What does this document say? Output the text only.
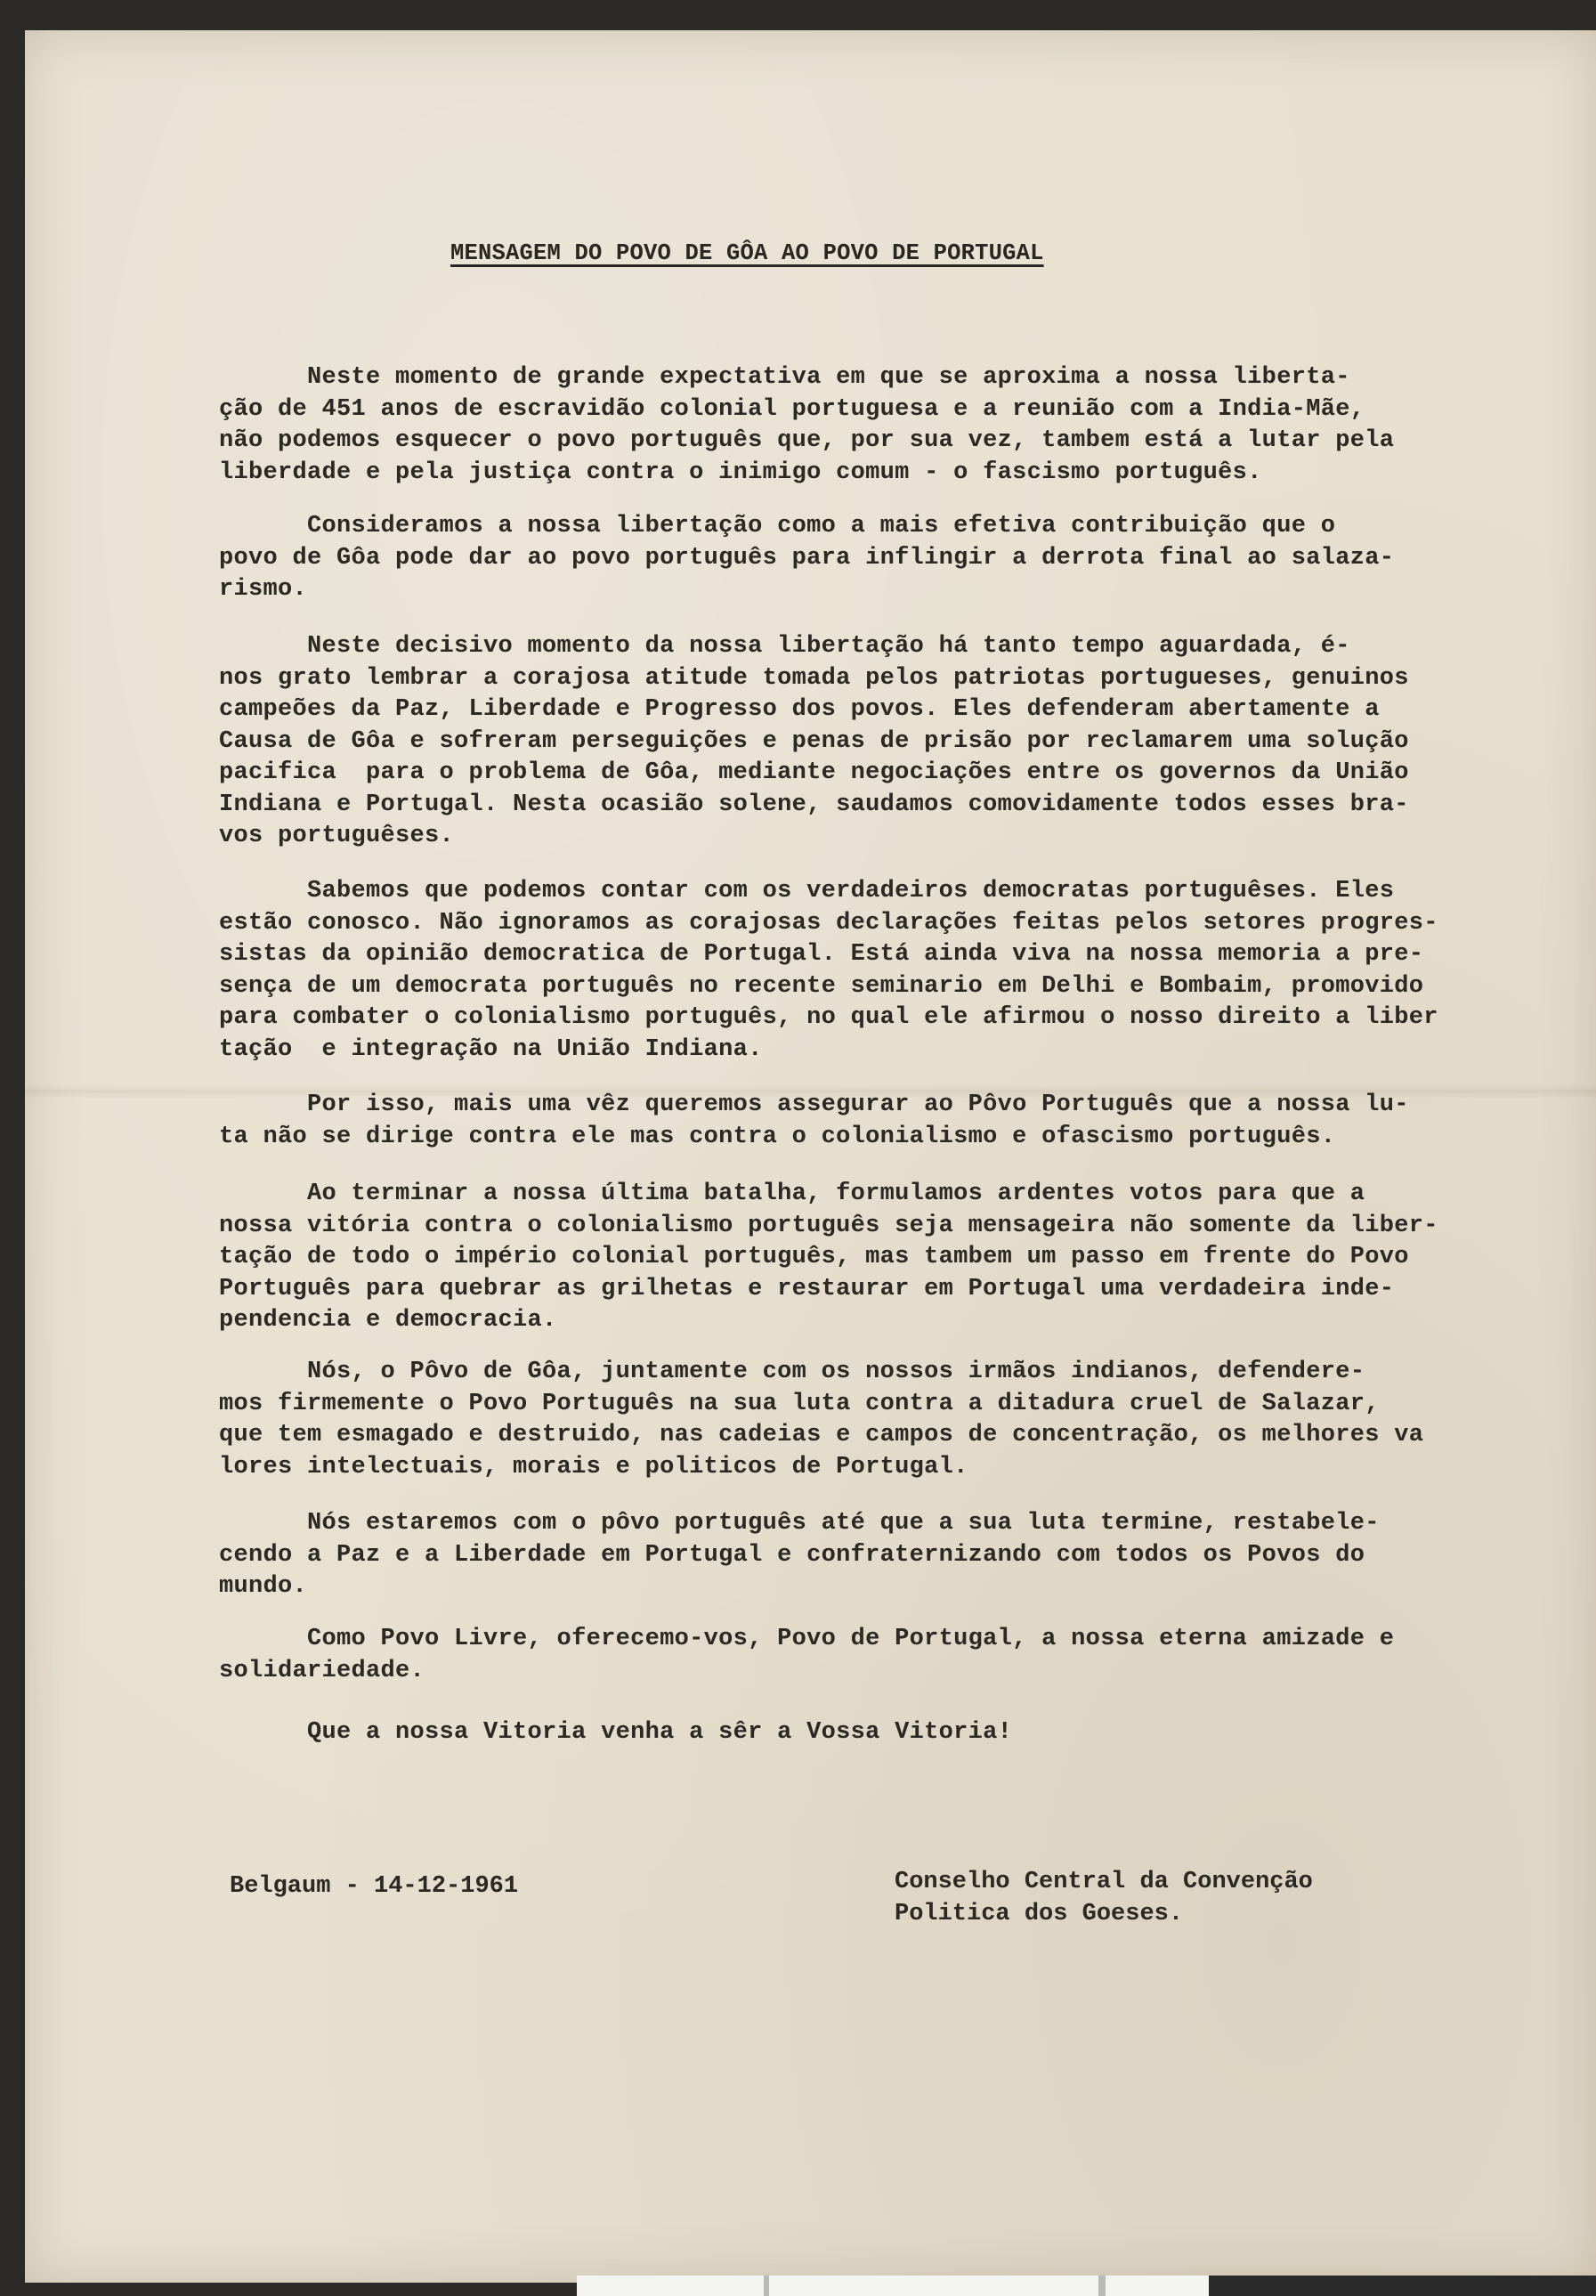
MENSAGEM DO POVO DE GÔA AO POVO DE PORTUGAL
Neste momento de grande expectativa em que se aproxima a nossa liberta-
ção de 451 anos de escravidão colonial portuguesa e a reunião com a India-Mãe,
não podemos esquecer o povo português que, por sua vez, tambem está a lutar pela
liberdade e pela justiça contra o inimigo comum - o fascismo português.
Consideramos a nossa libertação como a mais efetiva contribuição que o
povo de Gôa pode dar ao povo português para inflingir a derrota final ao salaza-
rismo.
Neste decisivo momento da nossa libertação há tanto tempo aguardada, é-
nos grato lembrar a corajosa atitude tomada pelos patriotas portugueses, genuinos
campeões da Paz, Liberdade e Progresso dos povos. Eles defenderam abertamente a
Causa de Gôa e sofreram perseguições e penas de prisão por reclamarem uma solução
pacifica  para o problema de Gôa, mediante negociações entre os governos da União
Indiana e Portugal. Nesta ocasião solene, saudamos comovidamente todos esses bra-
vos portuguêses.
Sabemos que podemos contar com os verdadeiros democratas portuguêses. Eles
estão conosco. Não ignoramos as corajosas declarações feitas pelos setores progres-
sistas da opinião democratica de Portugal. Está ainda viva na nossa memoria a pre-
sença de um democrata português no recente seminario em Delhi e Bombaim, promovido
para combater o colonialismo português, no qual ele afirmou o nosso direito a liber
tação  e integração na União Indiana.
Por isso, mais uma vêz queremos assegurar ao Pôvo Português que a nossa lu-
ta não se dirige contra ele mas contra o colonialismo e ofascismo português.
Ao terminar a nossa última batalha, formulamos ardentes votos para que a
nossa vitória contra o colonialismo português seja mensageira não somente da liber-
tação de todo o império colonial português, mas tambem um passo em frente do Povo
Português para quebrar as grilhetas e restaurar em Portugal uma verdadeira inde-
pendencia e democracia.
Nós, o Pôvo de Gôa, juntamente com os nossos irmãos indianos, defendere-
mos firmemente o Povo Português na sua luta contra a ditadura cruel de Salazar,
que tem esmagado e destruido, nas cadeias e campos de concentração, os melhores va
lores intelectuais, morais e politicos de Portugal.
Nós estaremos com o pôvo português até que a sua luta termine, restabele-
cendo a Paz e a Liberdade em Portugal e confraternizando com todos os Povos do
mundo.
Como Povo Livre, oferecemo-vos, Povo de Portugal, a nossa eterna amizade e
solidariedade.
Que a nossa Vitoria venha a sêr a Vossa Vitoria!
Belgaum - 14-12-1961	Conselho Central da Convenção
Politica dos Goeses.
